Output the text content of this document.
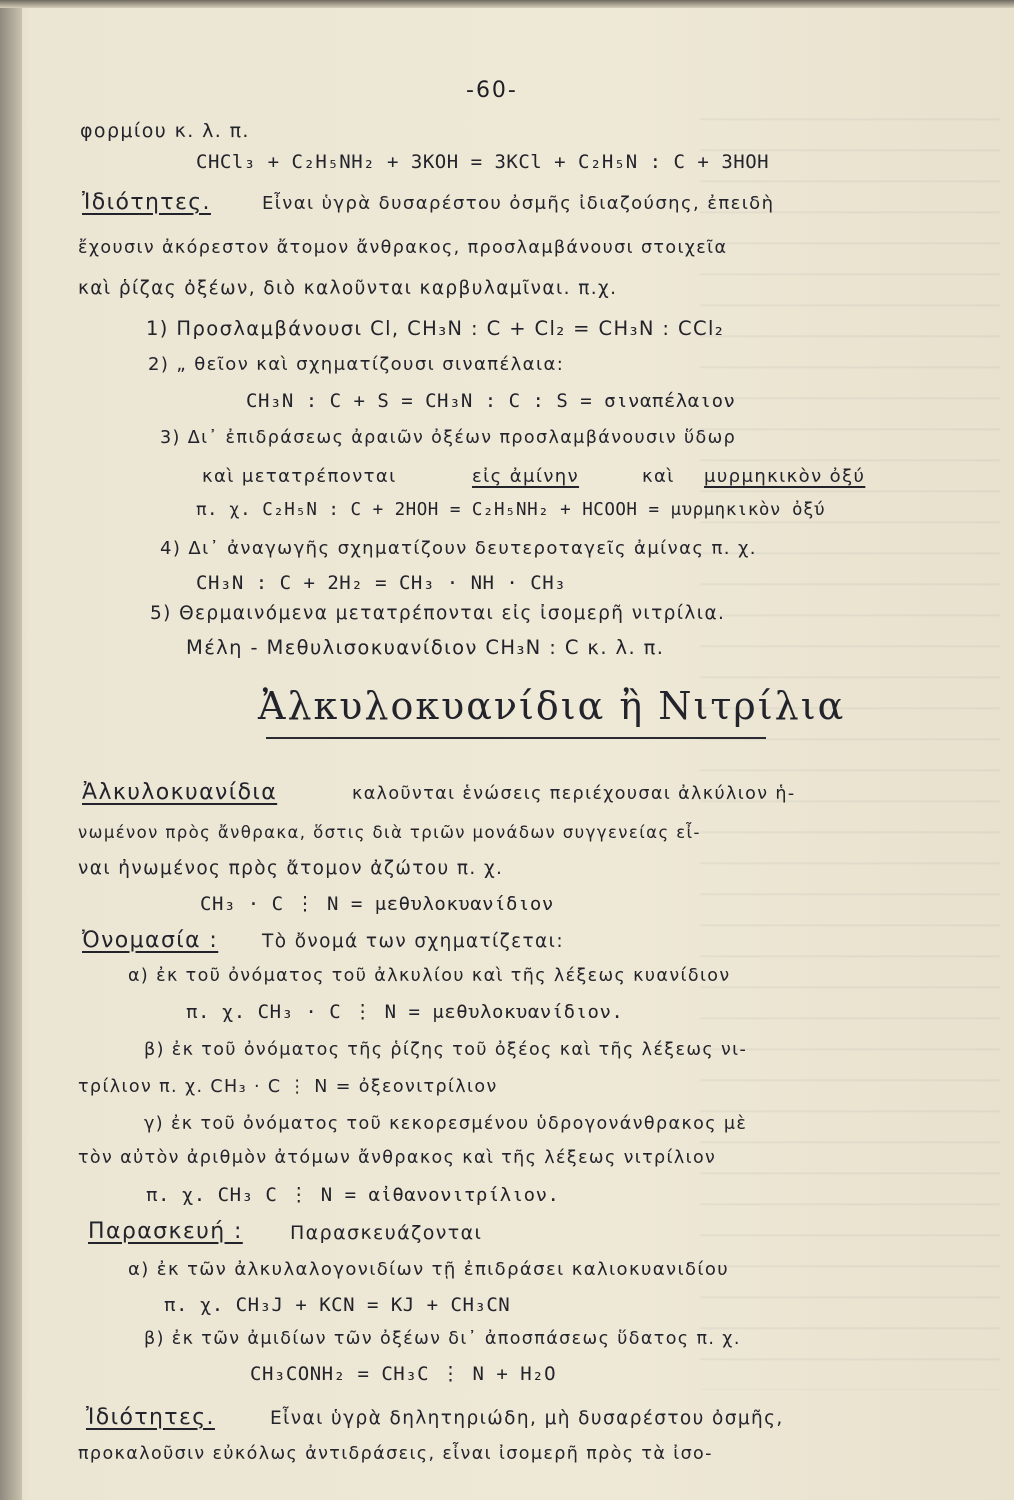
-60-
φορμίου κ. λ. π.
CHCl₃ + C₂H₅NH₂ + 3KOH = 3KCl + C₂H₅N : C + 3HOH
Ἰδιότητες.	Εἶναι ὑγρὰ δυσαρέστου ὀσμῆς ἰδιαζούσης, ἐπειδὴ
ἔχουσιν ἀκόρεστον ἄτομον ἄνθρακος, προσλαμβάνουσι στοιχεῖα
καὶ ῥίζας ὀξέων, διὸ καλοῦνται καρβυλαμῖναι. π.χ.
1) Προσλαμβάνουσι Cl, CH₃N : C + Cl₂ = CH₃N : CCl₂
2) „ θεῖον καὶ σχηματίζουσι σιναπέλαια:
CH₃N : C + S = CH₃N : C : S = σιναπέλαιον
3) Δι᾽ ἐπιδράσεως ἀραιῶν ὀξέων προσλαμβάνουσιν ὕδωρ
καὶ μετατρέπονται	εἰς ἀμίνην	καὶ μυρμηκικὸν ὀξύ
π. χ. C₂H₅N : C + 2HOH = C₂H₅NH₂ + HCOOH = μυρμηκικὸν ὀξύ
4) Δι᾽ ἀναγωγῆς σχηματίζουν δευτεροταγεῖς ἀμίνας π. χ.
CH₃N : C + 2H₂ = CH₃ · NH · CH₃
5) Θερμαινόμενα μετατρέπονται εἰς ἰσομερῆ νιτρίλια.
Μέλη - Μεθυλισοκυανίδιον CH₃N : C κ. λ. π.
Ἀλκυλοκυανίδια ἢ Νιτρίλια
Ἀλκυλοκυανίδια	καλοῦνται ἑνώσεις περιέχουσαι ἀλκύλιον ἡ-
νωμένον πρὸς ἄνθρακα, ὅστις διὰ τριῶν μονάδων συγγενείας εἶ-
ναι ἠνωμένος πρὸς ἄτομον ἀζώτου π. χ.
CH₃ · C ⋮ N = μεθυλοκυανίδιον
Ὀνομασία : Τὸ ὄνομά των σχηματίζεται:
α) ἐκ τοῦ ὀνόματος τοῦ ἀλκυλίου καὶ τῆς λέξεως κυανίδιον
π. χ. CH₃ · C ⋮ N = μεθυλοκυανίδιον.
β) ἐκ τοῦ ὀνόματος τῆς ῥίζης τοῦ ὀξέος καὶ τῆς λέξεως νι-
τρίλιον π. χ. CH₃ · C ⋮ N = ὀξεονιτρίλιον
γ) ἐκ τοῦ ὀνόματος τοῦ κεκορεσμένου ὑδρογονάνθρακος μὲ
τὸν αὐτὸν ἀριθμὸν ἀτόμων ἄνθρακος καὶ τῆς λέξεως νιτρίλιον
π. χ. CH₃ C ⋮ N = αἰθανονιτρίλιον.
Παρασκευή : Παρασκευάζονται
α) ἐκ τῶν ἀλκυλαλογονιδίων τῇ ἐπιδράσει καλιοκυανιδίου
π. χ. CH₃J + KCN = KJ + CH₃CN
β) ἐκ τῶν ἀμιδίων τῶν ὀξέων δι᾽ ἀποσπάσεως ὕδατος π. χ.
CH₃CONH₂ = CH₃C ⋮ N + H₂O
Ἰδιότητες.	Εἶναι ὑγρὰ δηλητηριώδη, μὴ δυσαρέστου ὀσμῆς,
προκαλοῦσιν εὐκόλως ἀντιδράσεις, εἶναι ἰσομερῆ πρὸς τὰ ἰσο-
